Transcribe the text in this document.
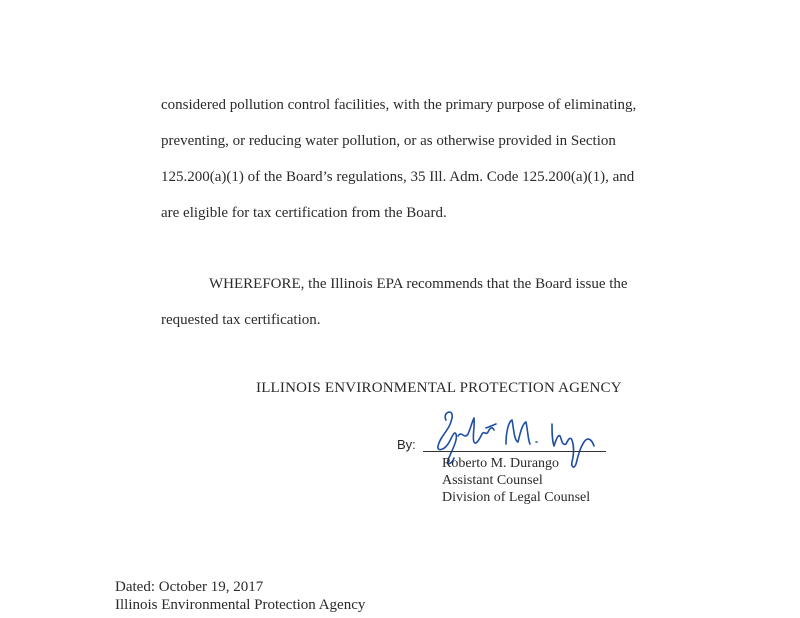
considered pollution control facilities, with the primary purpose of eliminating,
preventing, or reducing water pollution, or as otherwise provided in Section
125.200(a)(1) of the Board’s regulations, 35 Ill. Adm. Code 125.200(a)(1), and
are eligible for tax certification from the Board.
WHEREFORE, the Illinois EPA recommends that the Board issue the
requested tax certification.
ILLINOIS ENVIRONMENTAL PROTECTION AGENCY
By:
Roberto M. Durango
Assistant Counsel
Division of Legal Counsel
Dated: October 19, 2017
Illinois Environmental Protection Agency
